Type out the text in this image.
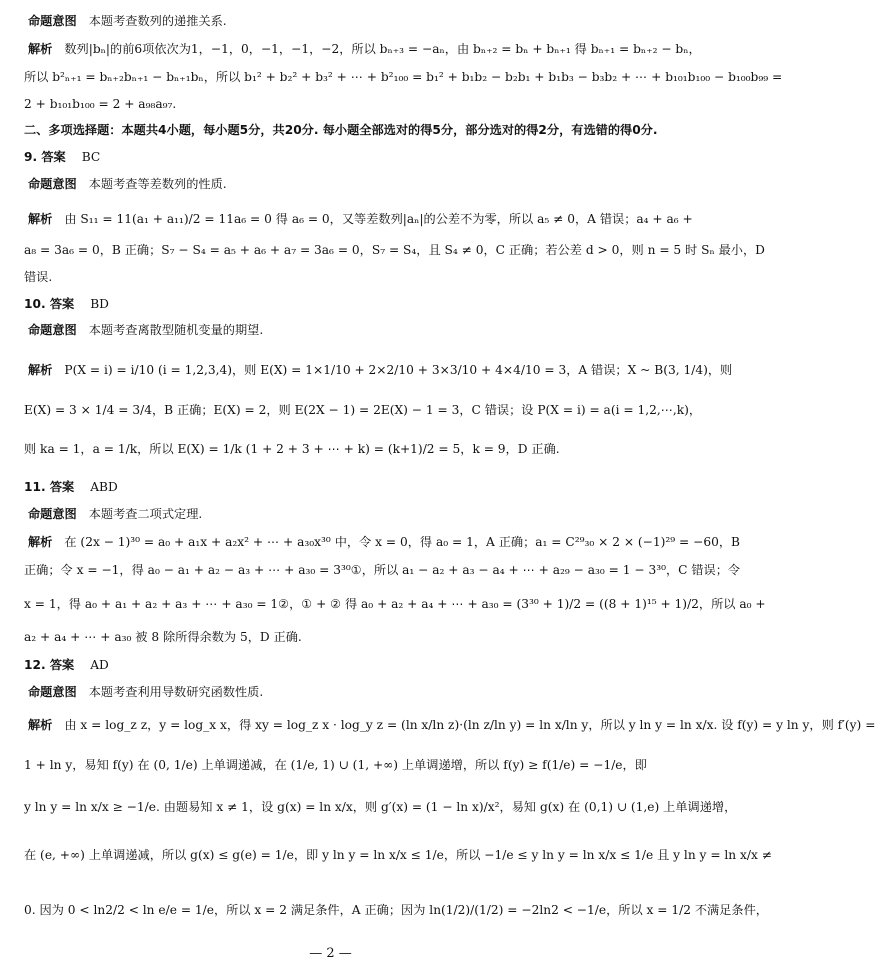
命题意图 本题考查数列的递推关系.
解析 数列|bₙ|的前6项依次为1，−1，0，−1，−1，−2，所以 bₙ₊₃ = −aₙ，由 bₙ₊₂ = bₙ + bₙ₊₁ 得 bₙ₊₁ = bₙ₊₂ − bₙ，
所以 b²ₙ₊₁ = bₙ₊₂bₙ₊₁ − bₙ₊₁bₙ，所以 b₁² + b₂² + b₃² + ⋯ + b²₁₀₀ = b₁² + b₁b₂ − b₂b₁ + b₁b₃ − b₃b₂ + ⋯ + b₁₀₁b₁₀₀ − b₁₀₀b₉₉ =
2 + b₁₀₁b₁₀₀ = 2 + a₉₈a₉₇.
二、多项选择题：本题共4小题，每小题5分，共20分. 每小题全部选对的得5分，部分选对的得2分，有选错的得0分.
9. 答案 BC
命题意图 本题考查等差数列的性质.
解析 由 S₁₁ = 11(a₁ + a₁₁)/2 = 11a₆ = 0 得 a₆ = 0，又等差数列|aₙ|的公差不为零，所以 a₅ ≠ 0，A 错误；a₄ + a₆ +
a₈ = 3a₆ = 0，B 正确；S₇ − S₄ = a₅ + a₆ + a₇ = 3a₆ = 0，S₇ = S₄，且 S₄ ≠ 0，C 正确；若公差 d > 0，则 n = 5 时 Sₙ 最小，D
错误.
10. 答案 BD
命题意图 本题考查离散型随机变量的期望.
解析 P(X = i) = i/10 (i = 1,2,3,4)，则 E(X) = 1×1/10 + 2×2/10 + 3×3/10 + 4×4/10 = 3，A 错误；X ~ B(3, 1/4)，则
E(X) = 3 × 1/4 = 3/4，B 正确；E(X) = 2，则 E(2X − 1) = 2E(X) − 1 = 3，C 错误；设 P(X = i) = a(i = 1,2,⋯,k)，
则 ka = 1，a = 1/k，所以 E(X) = 1/k (1 + 2 + 3 + ⋯ + k) = (k+1)/2 = 5，k = 9，D 正确.
11. 答案 ABD
命题意图 本题考查二项式定理.
解析 在 (2x − 1)³⁰ = a₀ + a₁x + a₂x² + ⋯ + a₃₀x³⁰ 中，令 x = 0，得 a₀ = 1，A 正确；a₁ = C²⁹₃₀ × 2 × (−1)²⁹ = −60，B
正确；令 x = −1，得 a₀ − a₁ + a₂ − a₃ + ⋯ + a₃₀ = 3³⁰①，所以 a₁ − a₂ + a₃ − a₄ + ⋯ + a₂₉ − a₃₀ = 1 − 3³⁰，C 错误；令
x = 1，得 a₀ + a₁ + a₂ + a₃ + ⋯ + a₃₀ = 1②，① + ② 得 a₀ + a₂ + a₄ + ⋯ + a₃₀ = (3³⁰ + 1)/2 = ((8 + 1)¹⁵ + 1)/2，所以 a₀ +
a₂ + a₄ + ⋯ + a₃₀ 被 8 除所得余数为 5，D 正确.
12. 答案 AD
命题意图 本题考查利用导数研究函数性质.
解析 由 x = log_z z，y = log_x x，得 xy = log_z x · log_y z = (ln x/ln z)·(ln z/ln y) = ln x/ln y，所以 y ln y = ln x/x. 设 f(y) = y ln y，则 f′(y) =
1 + ln y，易知 f(y) 在 (0, 1/e) 上单调递减，在 (1/e, 1) ∪ (1, +∞) 上单调递增，所以 f(y) ≥ f(1/e) = −1/e，即
y ln y = ln x/x ≥ −1/e. 由题易知 x ≠ 1，设 g(x) = ln x/x，则 g′(x) = (1 − ln x)/x²，易知 g(x) 在 (0,1) ∪ (1,e) 上单调递增，
在 (e, +∞) 上单调递减，所以 g(x) ≤ g(e) = 1/e，即 y ln y = ln x/x ≤ 1/e，所以 −1/e ≤ y ln y = ln x/x ≤ 1/e 且 y ln y = ln x/x ≠
0. 因为 0 < ln2/2 < ln e/e = 1/e，所以 x = 2 满足条件，A 正确；因为 ln(1/2)/(1/2) = −2ln2 < −1/e，所以 x = 1/2 不满足条件，
— 2 —
